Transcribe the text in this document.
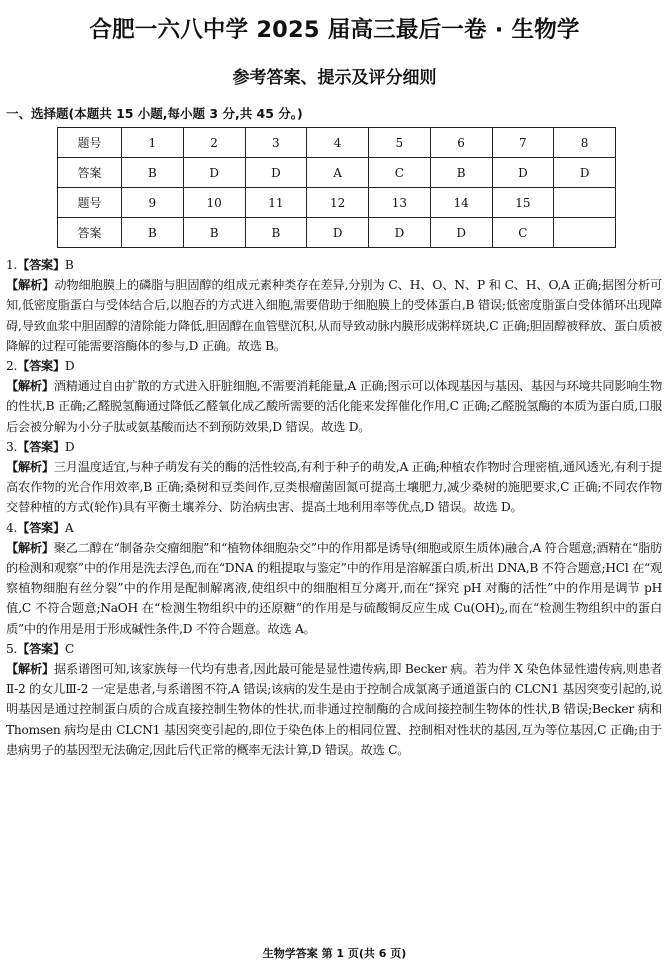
合肥一六八中学 2025 届高三最后一卷 · 生物学
参考答案、提示及评分细则
一、选择题(本题共 15 小题,每小题 3 分,共 45 分。)
题号	1	2	3	4	5	6	7	8
答案	B	D	D	A	C	B	D	D
题号	9	10	11	12	13	14	15	
答案	B	B	B	D	D	D	C	

1.【答案】B

【解析】动物细胞膜上的磷脂与胆固醇的组成元素种类存在差异,分别为 C、H、O、N、P 和 C、H、O,A 正确;据图分析可知,低密度脂蛋白与受体结合后,以胞吞的方式进入细胞,需要借助于细胞膜上的受体蛋白,B 错误;低密度脂蛋白受体循环出现障碍,导致血浆中胆固醇的清除能力降低,胆固醇在血管壁沉积,从而导致动脉内膜形成粥样斑块,C 正确;胆固醇被释放、蛋白质被降解的过程可能需要溶酶体的参与,D 正确。故选 B。

2.【答案】D

【解析】酒精通过自由扩散的方式进入肝脏细胞,不需要消耗能量,A 正确;图示可以体现基因与基因、基因与环境共同影响生物的性状,B 正确;乙醛脱氢酶通过降低乙醛氧化成乙酸所需要的活化能来发挥催化作用,C 正确;乙醛脱氢酶的本质为蛋白质,口服后会被分解为小分子肽或氨基酸而达不到预防效果,D 错误。故选 D。

3.【答案】D

【解析】三月温度适宜,与种子萌发有关的酶的活性较高,有利于种子的萌发,A 正确;种植农作物时合理密植,通风透光,有利于提高农作物的光合作用效率,B 正确;桑树和豆类间作,豆类根瘤菌固氮可提高土壤肥力,减少桑树的施肥要求,C 正确;不同农作物交替种植的方式(轮作)具有平衡土壤养分、防治病虫害、提高土地利用率等优点,D 错误。故选 D。

4.【答案】A

【解析】聚乙二醇在“制备杂交瘤细胞”和“植物体细胞杂交”中的作用都是诱导(细胞或原生质体)融合,A 符合题意;酒精在“脂肪的检测和观察”中的作用是洗去浮色,而在“DNA 的粗提取与鉴定”中的作用是溶解蛋白质,析出 DNA,B 不符合题意;HCl 在“观察植物细胞有丝分裂”中的作用是配制解离液,使组织中的细胞相互分离开,而在“探究 pH 对酶的活性”中的作用是调节 pH 值,C 不符合题意;NaOH 在“检测生物组织中的还原糖”的作用是与硫酸铜反应生成 $Cu(OH)_2$,而在“检测生物组织中的蛋白质”中的作用是用于形成碱性条件,D 不符合题意。故选 A。

5.【答案】C

【解析】据系谱图可知,该家族每一代均有患者,因此最可能是显性遗传病,即 Becker 病。若为伴 X 染色体显性遗传病,则患者Ⅱ-2 的女儿Ⅲ-2 一定是患者,与系谱图不符,A 错误;该病的发生是由于控制合成氯离子通道蛋白的 CLCN1 基因突变引起的,说明基因是通过控制蛋白质的合成直接控制生物体的性状,而非通过控制酶的合成间接控制生物体的性状,B 错误;Becker 病和 Thomsen 病均是由 CLCN1 基因突变引起的,即位于染色体上的相同位置、控制相对性状的基因,互为等位基因,C 正确;由于患病男子的基因型无法确定,因此后代正常的概率无法计算,D 错误。故选 C。

生物学答案 第 1 页(共 6 页)
